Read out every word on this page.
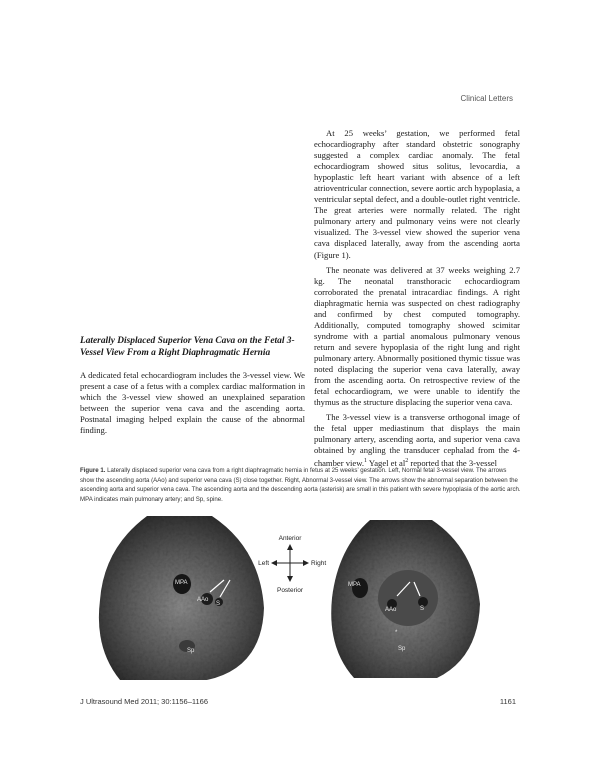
Clinical Letters

Laterally Displaced Superior Vena Cava on the Fetal 3-Vessel View From a Right Diaphragmatic Hernia

A dedicated fetal echocardiogram includes the 3-vessel view. We present a case of a fetus with a complex cardiac malformation in which the 3-vessel view showed an unexplained separation between the superior vena cava and the ascending aorta. Postnatal imaging helped explain the cause of the abnormal finding.

At 25 weeks’ gestation, we performed fetal echocardiography after standard obstetric sonography suggested a complex cardiac anomaly. The fetal echocardiogram showed situs solitus, levocardia, a hypoplastic left heart variant with absence of a left atrioventricular connection, severe aortic arch hypoplasia, a ventricular septal defect, and a double-outlet right ventricle. The great arteries were normally related. The right pulmonary artery and pulmonary veins were not clearly visualized. The 3-vessel view showed the superior vena cava displaced laterally, away from the ascending aorta (Figure 1).

The neonate was delivered at 37 weeks weighing 2.7 kg. The neonatal transthoracic echocardiogram corroborated the prenatal intracardiac findings. A right diaphragmatic hernia was suspected on chest radiography and confirmed by chest computed tomography. Additionally, computed tomography showed scimitar syndrome with a partial anomalous pulmonary venous return and severe hypoplasia of the right lung and right pulmonary artery. Abnormally positioned thymic tissue was noted displacing the superior vena cava laterally, away from the ascending aorta. On retrospective review of the fetal echocardiogram, we were unable to identify the thymus as the structure displacing the superior vena cava.

The 3-vessel view is a transverse orthogonal image of the fetal upper mediastinum that displays the main pulmonary artery, ascending aorta, and superior vena cava obtained by angling the transducer cephalad from the 4-chamber view.$^1$ Yagel et $al^2$ reported that the 3-vessel

Figure 1. Laterally displaced superior vena cava from a right diaphragmatic hernia in fetus at 25 weeks’ gestation. Left, Normal fetal 3-vessel view. The arrows show the ascending aorta (AAo) and superior vena cava (S) close together. Right, Abnormal 3-vessel view. The arrows show the abnormal separation between the ascending aorta and superior vena cava. The ascending aorta and the descending aorta (asterisk) are small in this patient with severe hypoplasia of the aortic arch. MPA indicates main pulmonary artery; and Sp, spine.
MPA
AAo
S
Sp
Anterior
Posterior
Left	Right
MPA
AAo	S
*
Sp
J Ultrasound Med 2011; 30:1156–1166	1161
